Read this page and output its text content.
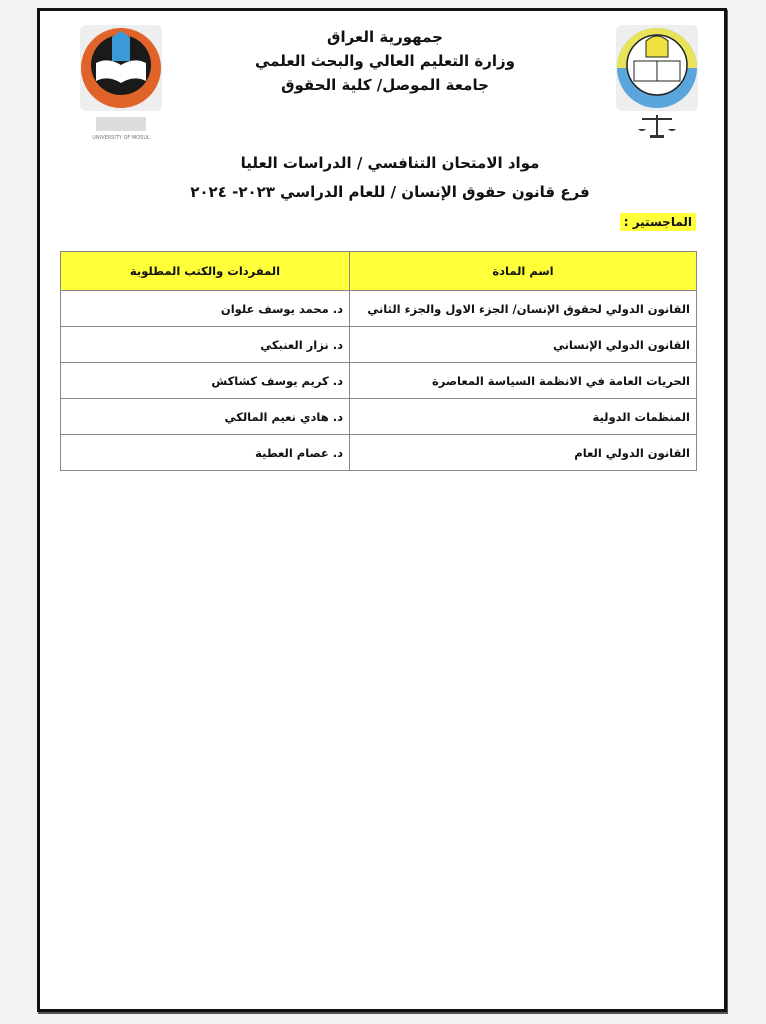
UNIVERSITY OF MOSUL
جمهورية العراق
وزارة التعليم العالي والبحث العلمي
جامعة الموصل/ كلية الحقوق
مواد الامتحان التنافسي / الدراسات العليا
فرع قانون حقوق الإنسان / للعام الدراسي ٢٠٢٣- ٢٠٢٤
الماجستير :
اسم المادة	المفردات والكتب المطلوبة
القانون الدولي لحقوق الإنسان/ الجزء الاول والجزء الثاني	د. محمد يوسف علوان
القانون الدولي الإنساني	د. نزار العنبكي
الحريات العامة في الانظمة السياسة المعاصرة	د. كريم يوسف كشاكش
المنظمات الدولية	د. هادي نعيم المالكي
القانون الدولي العام	د. عصام العطية
